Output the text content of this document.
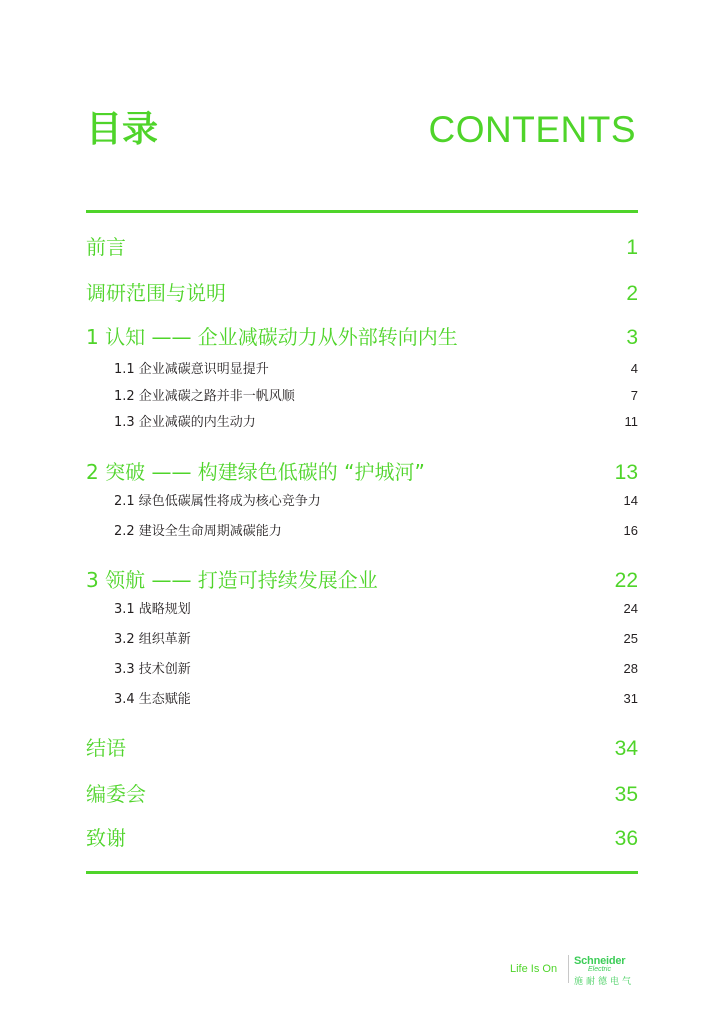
目录	CONTENTS
前言	1
调研范围与说明	2
1 认知 —— 企业减碳动力从外部转向内生	3
1.1 企业减碳意识明显提升	4
1.2 企业减碳之路并非一帆风顺	7
1.3 企业减碳的内生动力	11
2 突破 —— 构建绿色低碳的 “护城河”	13
2.1 绿色低碳属性将成为核心竞争力	14
2.2 建设全生命周期减碳能力	16
3 领航 —— 打造可持续发展企业	22
3.1 战略规划	24
3.2 组织革新	25
3.3 技术创新	28
3.4 生态赋能	31
结语	34
编委会	35
致谢	36
Life Is On
Schneider
Electric
施耐德电气
